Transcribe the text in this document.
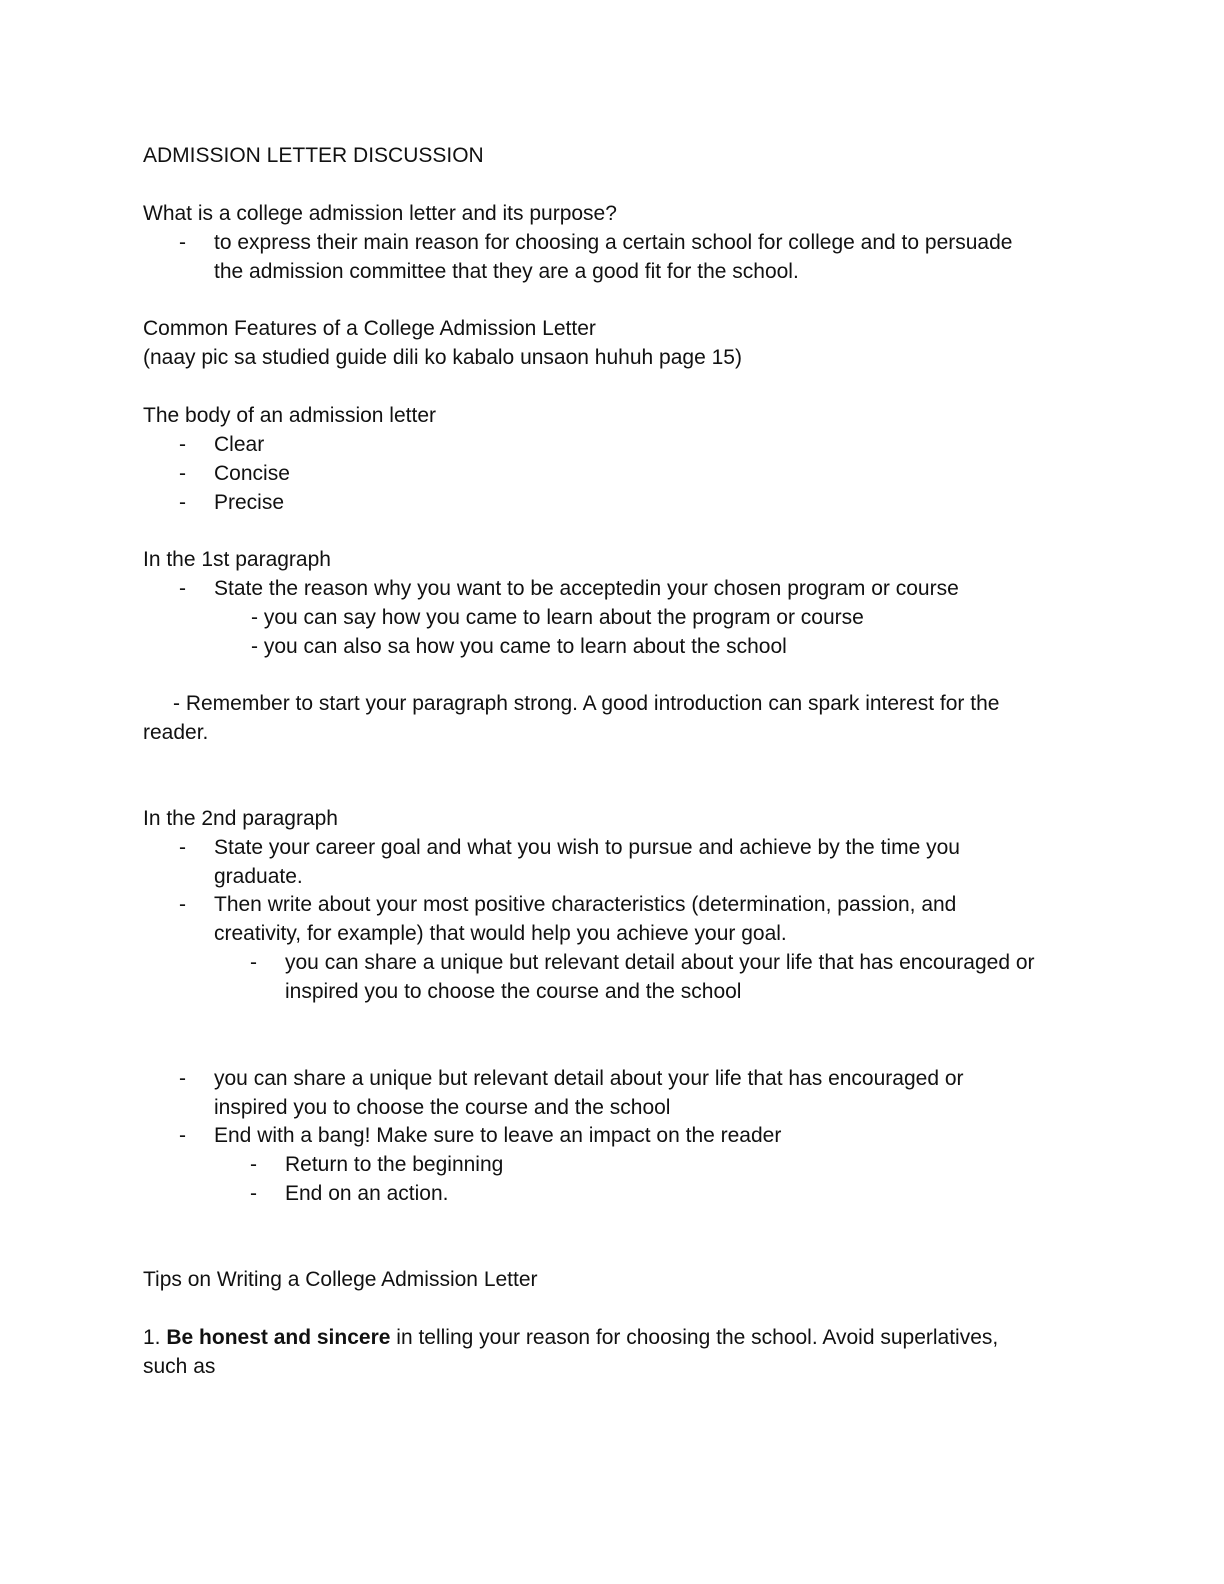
ADMISSION LETTER DISCUSSION
What is a college admission letter and its purpose?
- to express their main reason for choosing a certain school for college and to persuade
the admission committee that they are a good fit for the school.
Common Features of a College Admission Letter
(naay pic sa studied guide dili ko kabalo unsaon huhuh page 15)
The body of an admission letter
- Clear
- Concise
- Precise
In the 1st paragraph
- State the reason why you want to be acceptedin your chosen program or course
- you can say how you came to learn about the program or course
- you can also sa how you came to learn about the school
- Remember to start your paragraph strong. A good introduction can spark interest for the
reader.
In the 2nd paragraph
- State your career goal and what you wish to pursue and achieve by the time you
graduate.
- Then write about your most positive characteristics (determination, passion, and
creativity, for example) that would help you achieve your goal.
- you can share a unique but relevant detail about your life that has encouraged or
inspired you to choose the course and the school
- you can share a unique but relevant detail about your life that has encouraged or
inspired you to choose the course and the school
- End with a bang! Make sure to leave an impact on the reader
- Return to the beginning
- End on an action.
Tips on Writing a College Admission Letter
1. Be honest and sincere in telling your reason for choosing the school. Avoid superlatives,
such as
